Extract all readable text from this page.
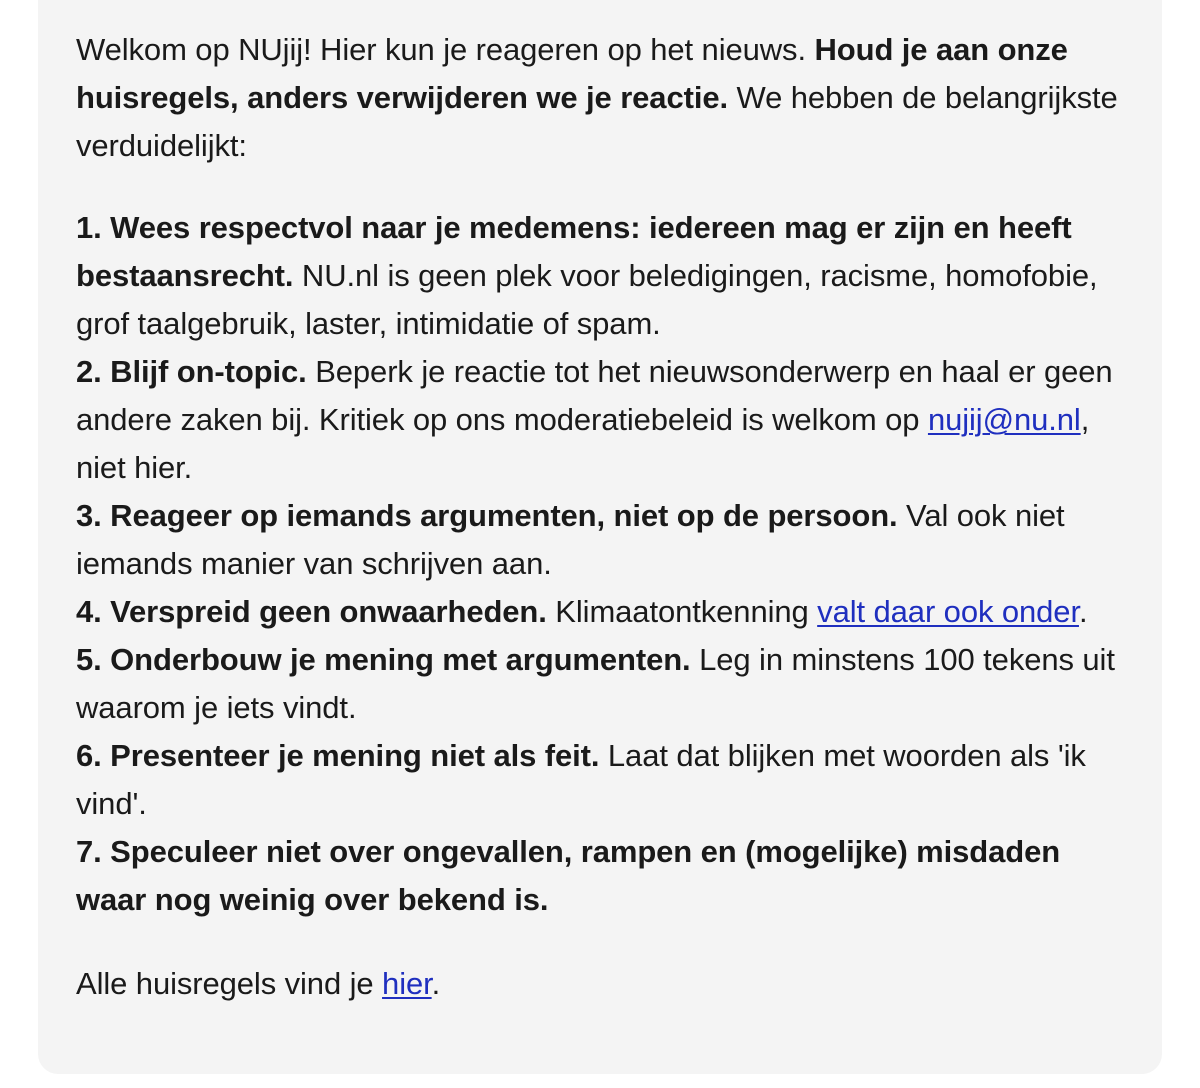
Welkom op NUjij! Hier kun je reageren op het nieuws. Houd je aan onze huisregels, anders verwijderen we je reactie. We hebben de belangrijkste verduidelijkt:

1. Wees respectvol naar je medemens: iedereen mag er zijn en heeft bestaansrecht. NU.nl is geen plek voor beledigingen, racisme, homofobie, grof taalgebruik, laster, intimidatie of spam.
2. Blijf on-topic. Beperk je reactie tot het nieuwsonderwerp en haal er geen andere zaken bij. Kritiek op ons moderatiebeleid is welkom op nujij@nu.nl, niet hier.
3. Reageer op iemands argumenten, niet op de persoon. Val ook niet iemands manier van schrijven aan.
4. Verspreid geen onwaarheden. Klimaatontkenning valt daar ook onder.
5. Onderbouw je mening met argumenten. Leg in minstens 100 tekens uit waarom je iets vindt.
6. Presenteer je mening niet als feit. Laat dat blijken met woorden als 'ik vind'.
7. Speculeer niet over ongevallen, rampen en (mogelijke) misdaden waar nog weinig over bekend is.

Alle huisregels vind je hier.
